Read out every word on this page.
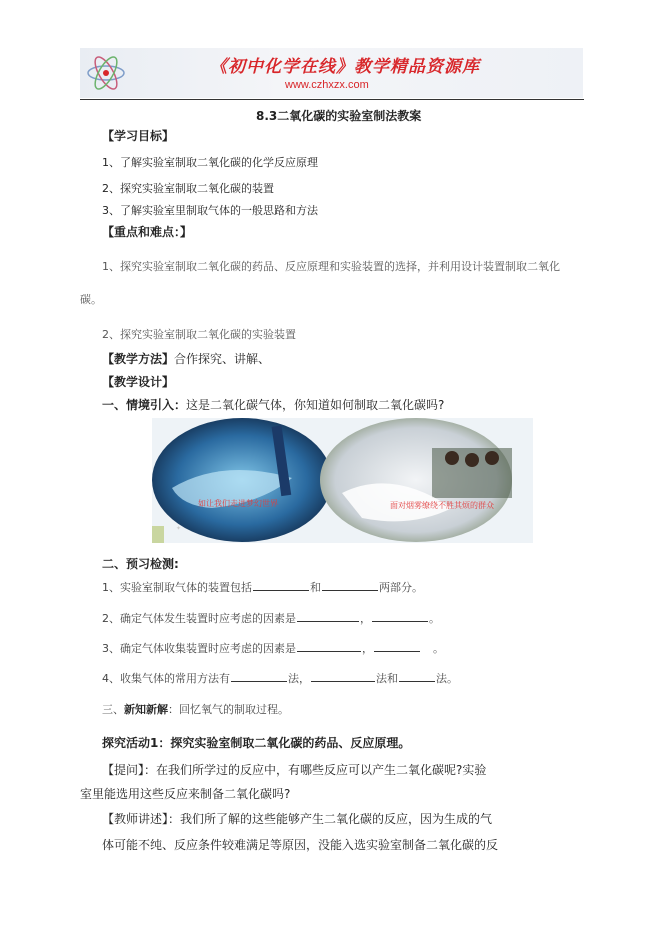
《初中化学在线》教学精品资源库
www.czhxzx.com
8.3二氧化碳的实验室制法教案
【学习目标】
1、了解实验室制取二氧化碳的化学反应原理
2、探究实验室制取二氧化碳的装置
3、了解实验室里制取气体的一般思路和方法
【重点和难点：】
1、探究实验室制取二氧化碳的药品、反应原理和实验装置的选择，并利用设计装置制取二氧化
碳。
2、探究实验室制取二氧化碳的实验装置
【教学方法】合作探究、讲解、
【教学设计】
一、情境引入：这是二氧化碳气体，你知道如何制取二氧化碳吗?
✦
如让我们走进梦幻世界	面对烟雾缭绕不胜其烦的群众
二、预习检测:
1、实验室制取气体的装置包括	和	两部分。
2、确定气体发生装置时应考虑的因素是	，	。
3、确定气体收集装置时应考虑的因素是	，	。
4、收集气体的常用方法有	法，	法和	法。
三、新知新解：回忆氧气的制取过程。
探究活动1：探究实验室制取二氧化碳的药品、反应原理。
【提问】：在我们所学过的反应中，有哪些反应可以产生二氧化碳呢?实验
室里能选用这些反应来制备二氧化碳吗?
【教师讲述】：我们所了解的这些能够产生二氧化碳的反应，因为生成的气
体可能不纯、反应条件较难满足等原因，没能入选实验室制备二氧化碳的反
